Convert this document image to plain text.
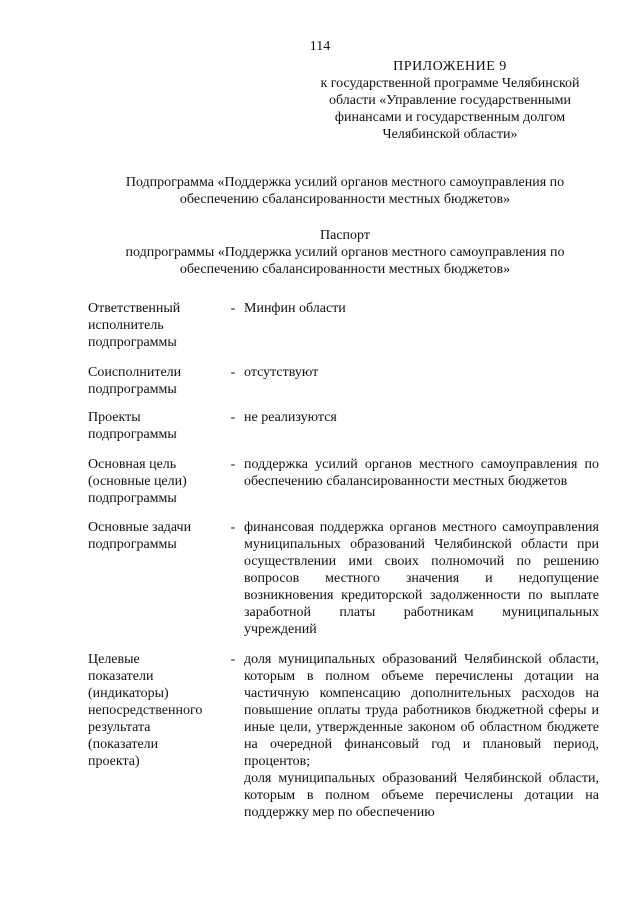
114
ПРИЛОЖЕНИЕ 9
к государственной программе Челябинской
области «Управление государственными
финансами и государственным долгом
Челябинской области»
Подпрограмма «Поддержка усилий органов местного самоуправления по
обеспечению сбалансированности местных бюджетов»
Паспорт
подпрограммы «Поддержка усилий органов местного самоуправления по
обеспечению сбалансированности местных бюджетов»
Ответственный
исполнитель
подпрограммы
- Минфин области
Соисполнители
подпрограммы
- отсутствуют
Проекты
подпрограммы
- не реализуются
Основная цель
(основные цели)
подпрограммы
- поддержка усилий органов местного самоуправления по обеспечению сбалансированности местных бюджетов
Основные задачи
подпрограммы
- финансовая поддержка органов местного самоуправления муниципальных образований Челябинской области при осуществлении ими своих полномочий по решению вопросов местного значения и недопущение возникновения кредиторской задолженности по выплате заработной платы работникам муниципальных учреждений
Целевые
показатели
(индикаторы)
непосредственного
результата
(показатели
проекта)
- доля муниципальных образований Челябинской области, которым в полном объеме перечислены дотации на частичную компенсацию дополнительных расходов на повышение оплаты труда работников бюджетной сферы и иные цели, утвержденные законом об областном бюджете на очередной финансовый год и плановый период, процентов;
доля муниципальных образований Челябинской области, которым в полном объеме перечислены дотации на поддержку мер по обеспечению
